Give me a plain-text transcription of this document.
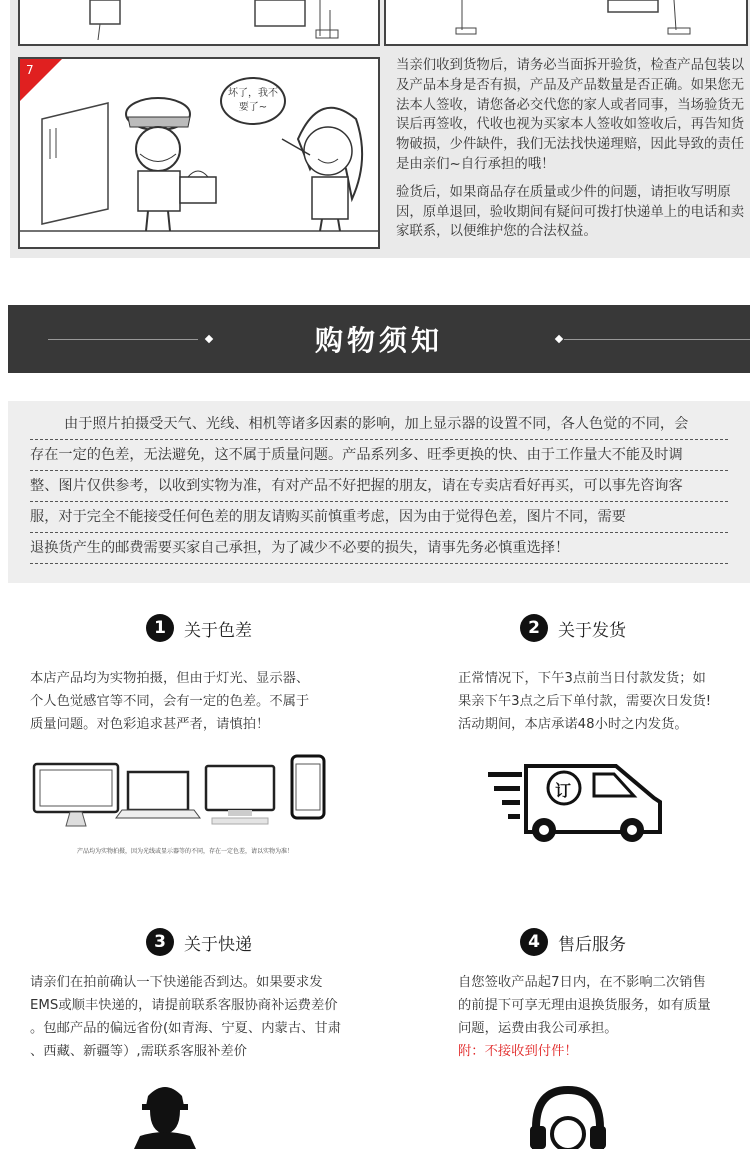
7
坏了，我不
要了~

当亲们收到货物后，请务必当面拆开验货，检查产品包装以及产品本身是否有损，产品及产品数量是否正确。如果您无法本人签收，请您备必交代您的家人或者同事，当场验货无误后再签收，代收也视为买家本人签收如签收后，再告知货物破损，少件缺件，我们无法找快递理赔，因此导致的责任是由亲们~自行承担的哦！

验货后，如果商品存在质量或少件的问题，请拒收写明原因，原单退回，验收期间有疑问可拨打快递单上的电话和卖家联系，以便维护您的合法权益。

购物须知
由于照片拍摄受天气、光线、相机等诸多因素的影响，加上显示器的设置不同，各人色觉的不同，会
存在一定的色差，无法避免，这不属于质量问题。产品系列多、旺季更换的快、由于工作量大不能及时调
整、图片仅供参考，以收到实物为准，有对产品不好把握的朋友，请在专卖店看好再买，可以事先咨询客
服，对于完全不能接受任何色差的朋友请购买前慎重考虑，因为由于觉得色差，图片不同，需要
退换货产生的邮费需要买家自己承担，为了减少不必要的损失，请事先务必慎重选择！
1	关于色差
本店产品均为实物拍摄，但由于灯光、显示器、
个人色觉感官等不同，会有一定的色差。不属于
质量问题。对色彩追求甚严者，请慎拍！
产品均为实物拍摄，因为光线或显示器等的不同，存在一定色差，请以实物为准！
2	关于发货
正常情况下，下午3点前当日付款发货；如
果亲下午3点之后下单付款，需要次日发货!
活动期间，本店承诺48小时之内发货。
订
3	关于快递
请亲们在拍前确认一下快递能否到达。如果要求发
EMS或顺丰快递的，请提前联系客服协商补运费差价
。包邮产品的偏远省份(如青海、宁夏、内蒙古、甘肃
、西藏、新疆等）,需联系客服补差价
4	售后服务
自您签收产品起7日内，在不影响二次销售
的前提下可享无理由退换货服务，如有质量
问题，运费由我公司承担。
附：不接收到付件！
